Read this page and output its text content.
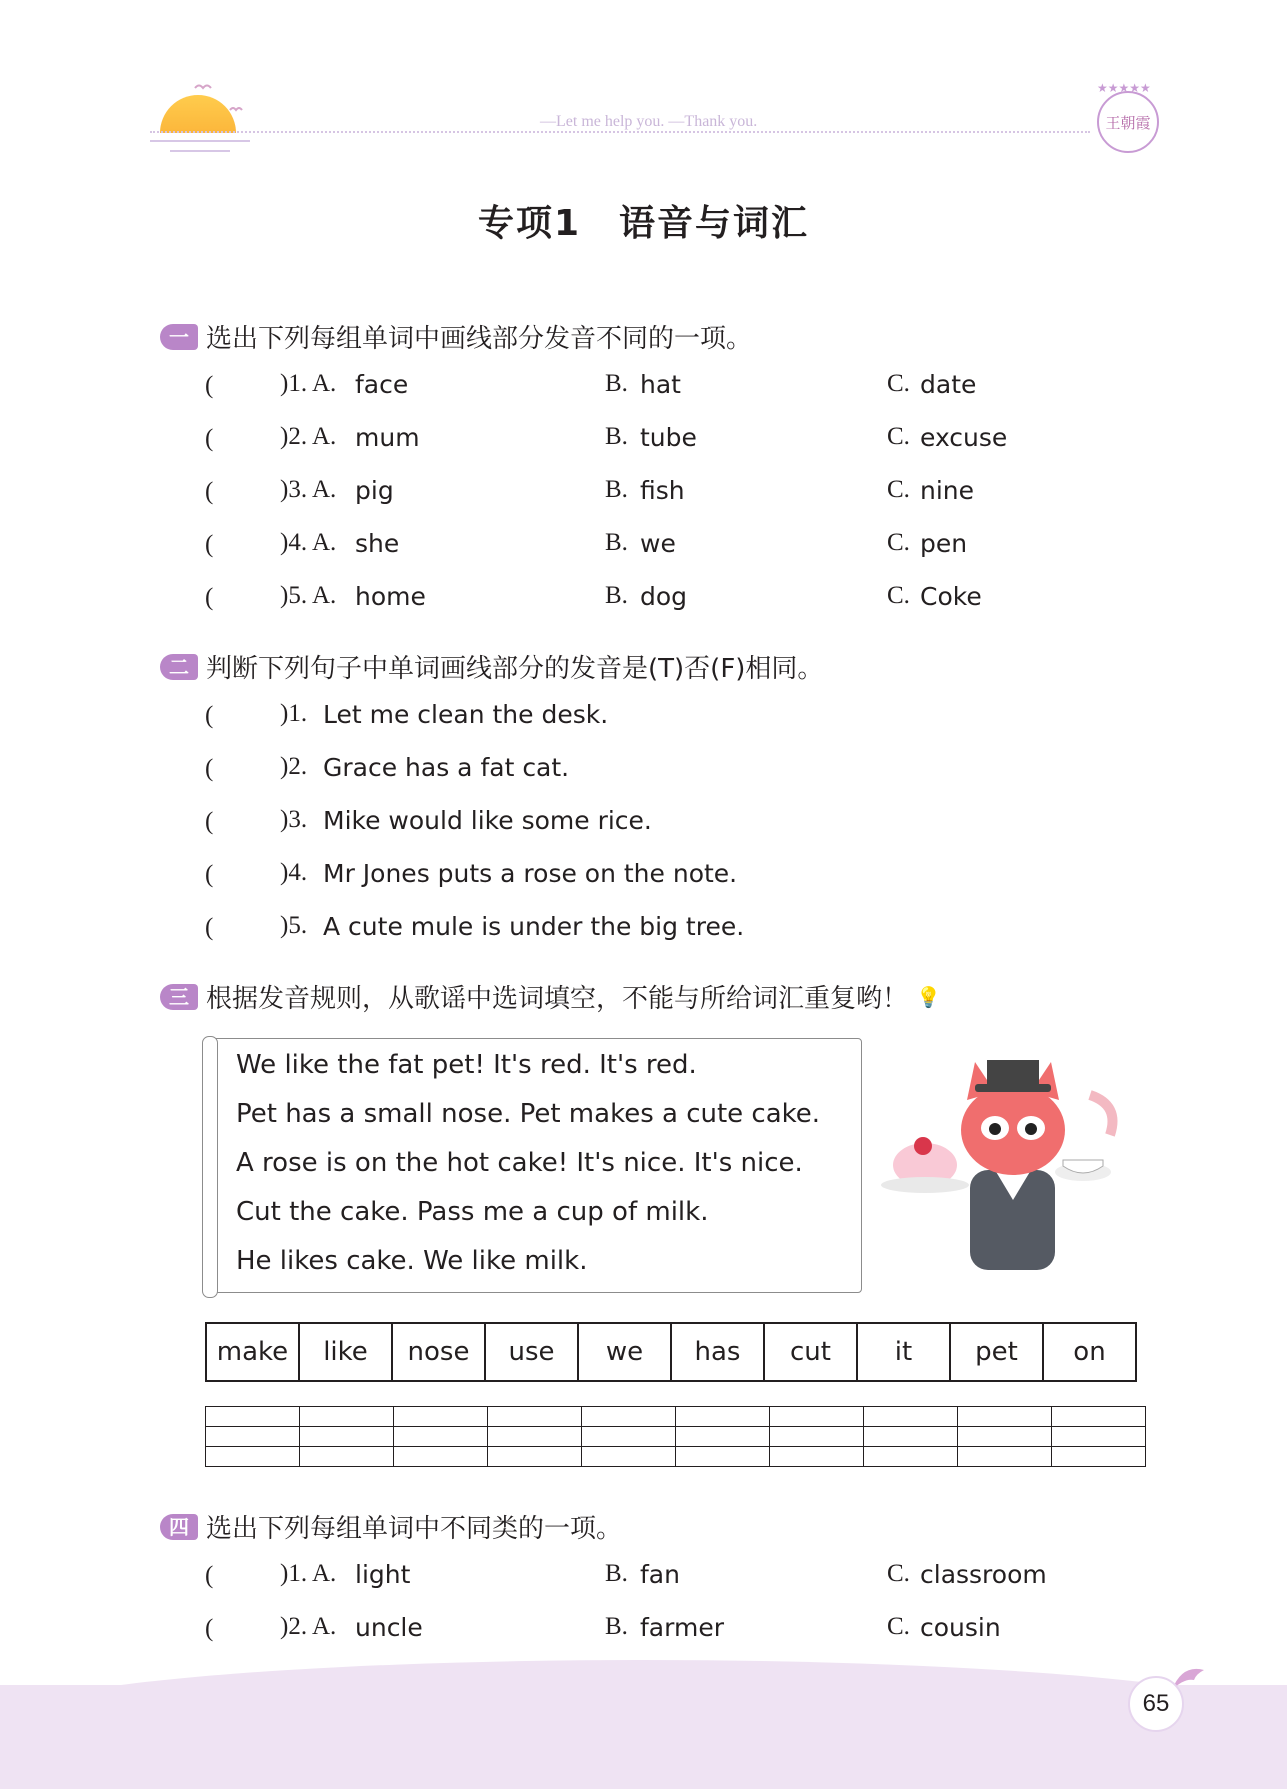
—Let me help you. —Thank you.
★★★★★
王朝霞
专项1　语音与词汇
一 选出下列每组单词中画线部分发音不同的一项。
(	)1. A. face	B. hat	C. date
(	)2. A. mum	B. tube	C. excuse
(	)3. A. pig	B. fish	C. nine
(	)4. A. she	B. we	C. pen
(	)5. A. home	B. dog	C. Coke
二 判断下列句子中单词画线部分的发音是(T)否(F)相同。
(	)1. Let me clean the desk.
(	)2. Grace has a fat cat.
(	)3. Mike would like some rice.
(	)4. Mr Jones puts a rose on the note.
(	)5. A cute mule is under the big tree.
三 根据发音规则，从歌谣中选词填空，不能与所给词汇重复哟！ 💡
We like the fat pet! It's red. It's red.
Pet has a small nose. Pet makes a cute cake.
A rose is on the hot cake! It's nice. It's nice.
Cut the cake. Pass me a cup of milk.
He likes cake. We like milk.
make	like	nose	use	we	has	cut	it	pet	on

四 选出下列每组单词中不同类的一项。
(	)1. A. light	B. fan	C. classroom
(	)2. A. uncle	B. farmer	C. cousin
65
